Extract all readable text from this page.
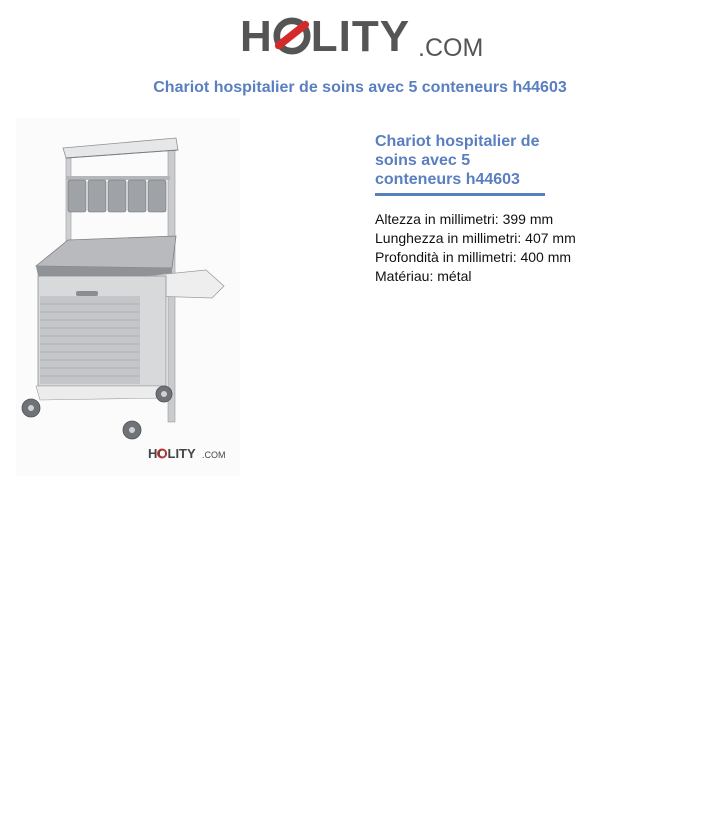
H LITY .COM
Chariot hospitalier de soins avec 5 conteneurs h44603
HOLITY .COM
Chariot hospitalier de soins avec 5 conteneurs h44603
Altezza in millimetri: 399 mm
Lunghezza in millimetri: 407 mm
Profondità in millimetri: 400 mm
Matériau: métal
